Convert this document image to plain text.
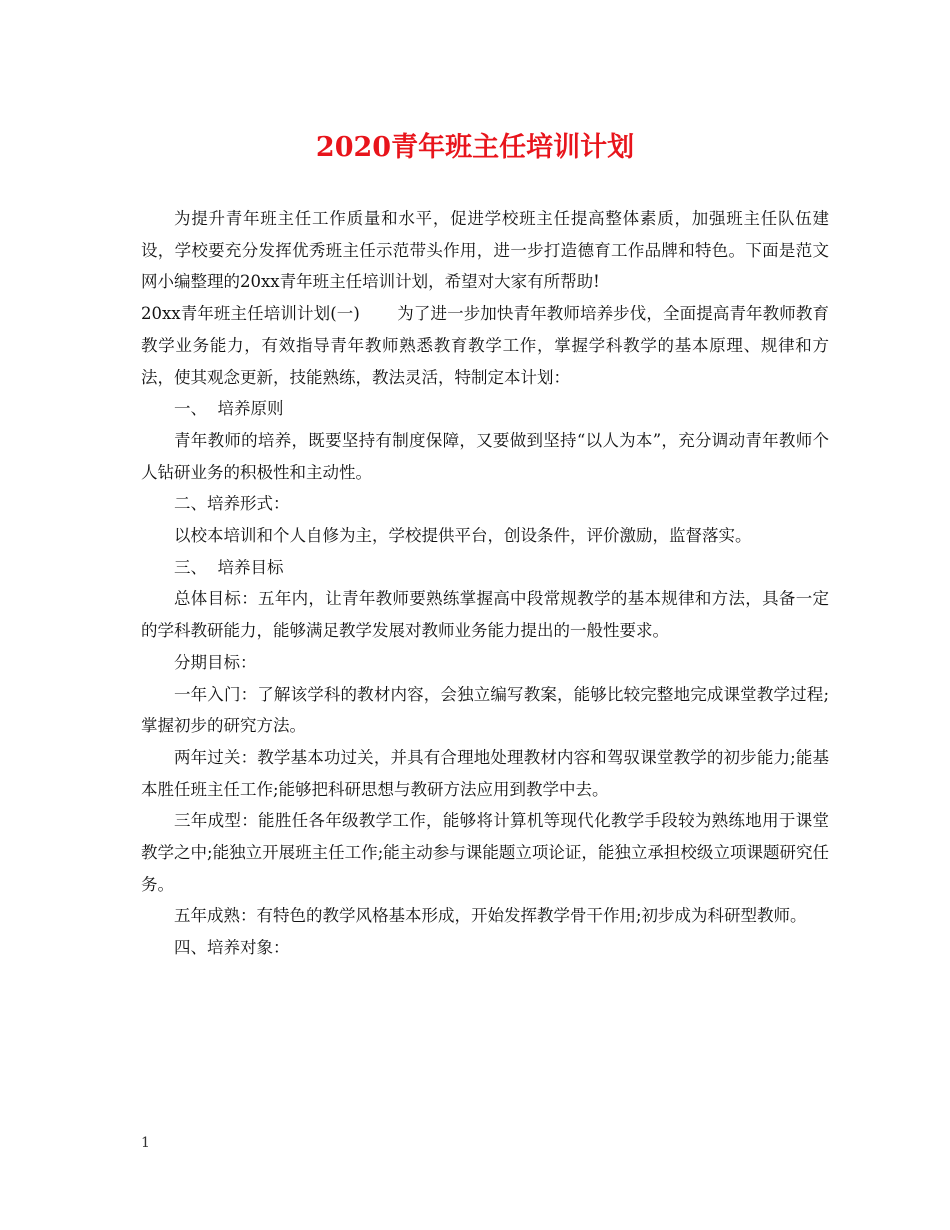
2020青年班主任培训计划

为提升青年班主任工作质量和水平，促进学校班主任提高整体素质，加强班主任队伍建设，学校要充分发挥优秀班主任示范带头作用，进一步打造德育工作品牌和特色。下面是范文网小编整理的20xx青年班主任培训计划，希望对大家有所帮助!

20xx青年班主任培训计划(一)       为了进一步加快青年教师培养步伐，全面提高青年教师教育教学业务能力，有效指导青年教师熟悉教育教学工作，掌握学科教学的基本原理、规律和方法，使其观念更新，技能熟练，教法灵活，特制定本计划：

一、  培养原则

青年教师的培养，既要坚持有制度保障，又要做到坚持“以人为本”，充分调动青年教师个人钻研业务的积极性和主动性。

二、培养形式：

以校本培训和个人自修为主，学校提供平台，创设条件，评价激励，监督落实。

三、  培养目标

总体目标：五年内，让青年教师要熟练掌握高中段常规教学的基本规律和方法，具备一定的学科教研能力，能够满足教学发展对教师业务能力提出的一般性要求。

分期目标：

一年入门：了解该学科的教材内容，会独立编写教案，能够比较完整地完成课堂教学过程;掌握初步的研究方法。

两年过关：教学基本功过关，并具有合理地处理教材内容和驾驭课堂教学的初步能力;能基本胜任班主任工作;能够把科研思想与教研方法应用到教学中去。

三年成型：能胜任各年级教学工作，能够将计算机等现代化教学手段较为熟练地用于课堂教学之中;能独立开展班主任工作;能主动参与课能题立项论证，能独立承担校级立项课题研究任务。

五年成熟：有特色的教学风格基本形成，开始发挥教学骨干作用;初步成为科研型教师。

四、培养对象：

1
